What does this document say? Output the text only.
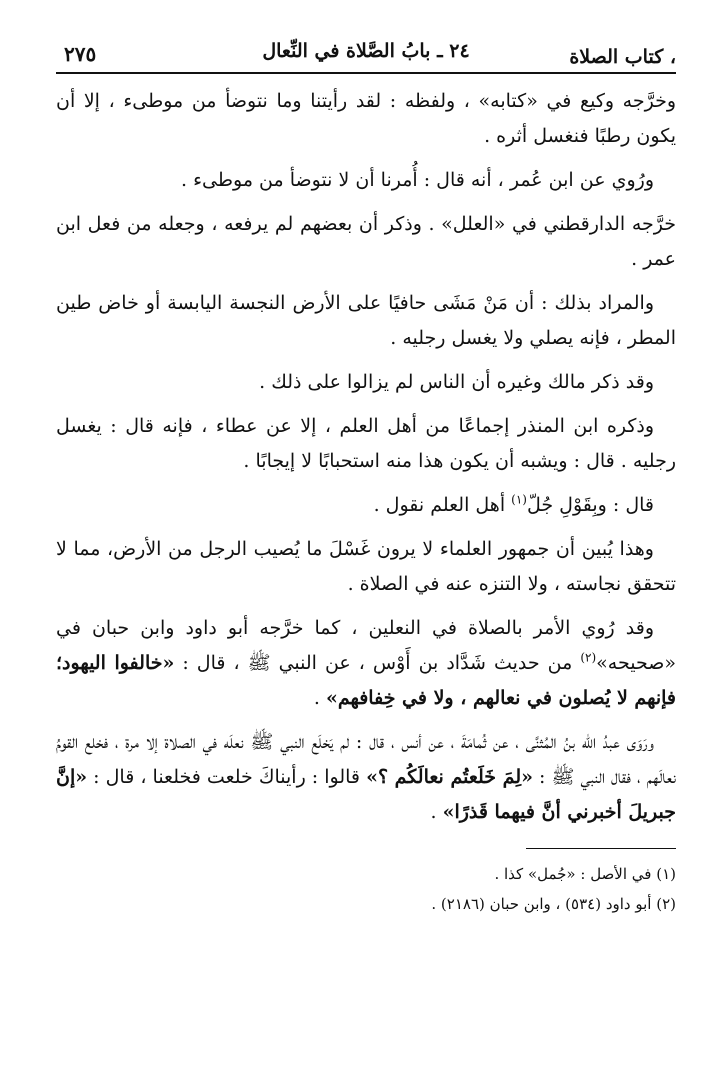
، كتاب الصلاة
٢٤ ـ بابُ الصَّلاة في النِّعال
٢٧٥

وخرَّجه وكيع في «كتابه» ، ولفظه : لقد رأيتنا وما نتوضأ من موطىء ، إلا أن يكون رطبًا فنغسل أثره .

ورُوي عن ابن عُمر ، أنه قال : أُمرنا أن لا نتوضأ من موطىء .

خرَّجه الدارقطني في «العلل» . وذكر أن بعضهم لم يرفعه ، وجعله من فعل ابن عمر .

والمراد بذلك : أن مَنْ مَشَى حافيًا على الأرض النجسة اليابسة أو خاض طين المطر ، فإنه يصلي ولا يغسل رجليه .

وقد ذكر مالك وغيره أن الناس لم يزالوا على ذلك .

وذكره ابن المنذر إجماعًا من أهل العلم ، إلا عن عطاء ، فإنه قال : يغسل رجليه . قال : ويشبه أن يكون هذا منه استحبابًا لا إيجابًا .

قال : وبِقَوْلِ جُلّ$^{(١)}$ أهل العلم نقول .

وهذا يُبين أن جمهور العلماء لا يرون غَسْلَ ما يُصيب الرجل من الأرض، مما لا تتحقق نجاسته ، ولا التنزه عنه في الصلاة .

وقد رُوي الأمر بالصلاة في النعلين ، كما خرَّجه أبو داود وابن حبان في «صحيحه»$^{(٢)}$ من حديث شَدَّاد بن أَوْس ، عن النبي ﷺ ، قال : «خالفوا اليهود؛ فإنهم لا يُصلون في نعالهم ، ولا في خِفافهم» .

ورَوَى عبدُ الله بنُ المُثنَّى ، عن ثُمامَةَ ، عن أنس ، قال : لم يَخلَع النبي ﷺ نعلَه في الصلاة إلا مرة ، فخلع القومُ نعالَهم ، فقال النبي ﷺ : «لِمَ خَلَعتُم نعالَكُم ؟» قالوا : رأيناكَ خلعت فخلعنا ، قال : «إنَّ جبريلَ أخبرني أنَّ فيهما قَذرًا» .

(١) في الأصل : «جُمل» كذا .
(٢) أبو داود (٥٣٤) ، وابن حبان (٢١٨٦) .
